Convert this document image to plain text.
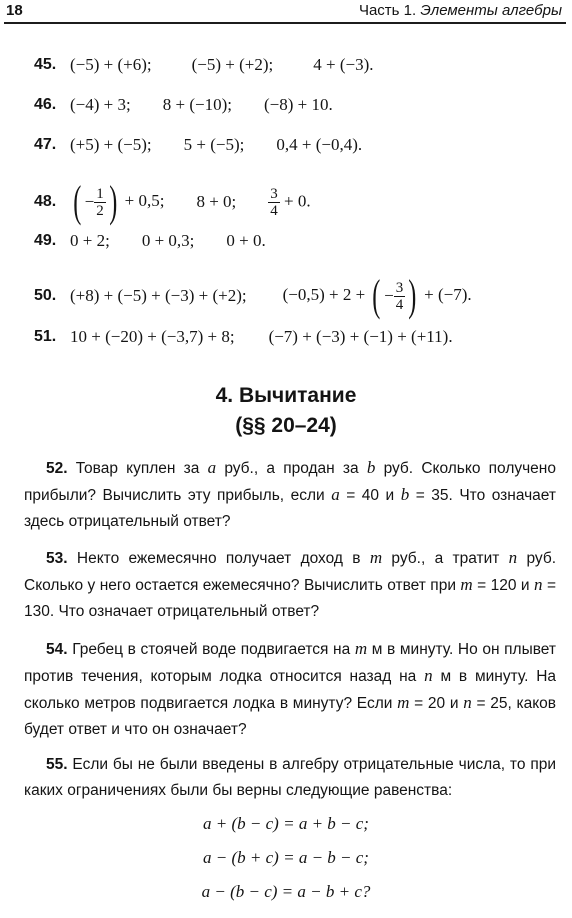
18	Часть 1. Элементы алгебры
45. (−5) + (+6); (−5) + (+2); 4 + (−3).
46. (−4) + 3; 8 + (−10); (−8) + 10.
47. (+5) + (−5); 5 + (−5); 0,4 + (−0,4).
48. ( − $\frac{1}{2}$ ) + 0,5; 8 + 0; $\frac{3}{4} + 0$.
49. 0 + 2; 0 + 0,3; 0 + 0.
50. (+8) + (−5) + (−3) + (+2); (−0,5) + 2 + ( − $\frac{3}{4}$ ) + (−7).
51. 10 + (−20) + (−3,7) + 8; (−7) + (−3) + (−1) + (+11).
4. Вычитание
(§§ 20–24)
52. Товар куплен за a руб., а продан за b руб. Сколько получено прибыли? Вычислить эту прибыль, если a = 40 и b = 35. Что означает здесь отрицательный ответ?
53. Некто ежемесячно получает доход в m руб., а тратит n руб. Сколько у него остается ежемесячно? Вычислить ответ при m = 120 и n = 130. Что означает отрицательный ответ?
54. Гребец в стоячей воде подвигается на m м в минуту. Но он плывет против течения, которым лодка относится назад на n м в минуту. На сколько метров подвигается лодка в минуту? Если m = 20 и n = 25, каков будет ответ и что он означает?
55. Если бы не были введены в алгебру отрицательные числа, то при каких ограничениях были бы верны следующие равенства:
a + (b − c) = a + b − c;
a − (b + c) = a − b − c;
a − (b − c) = a − b + c?
